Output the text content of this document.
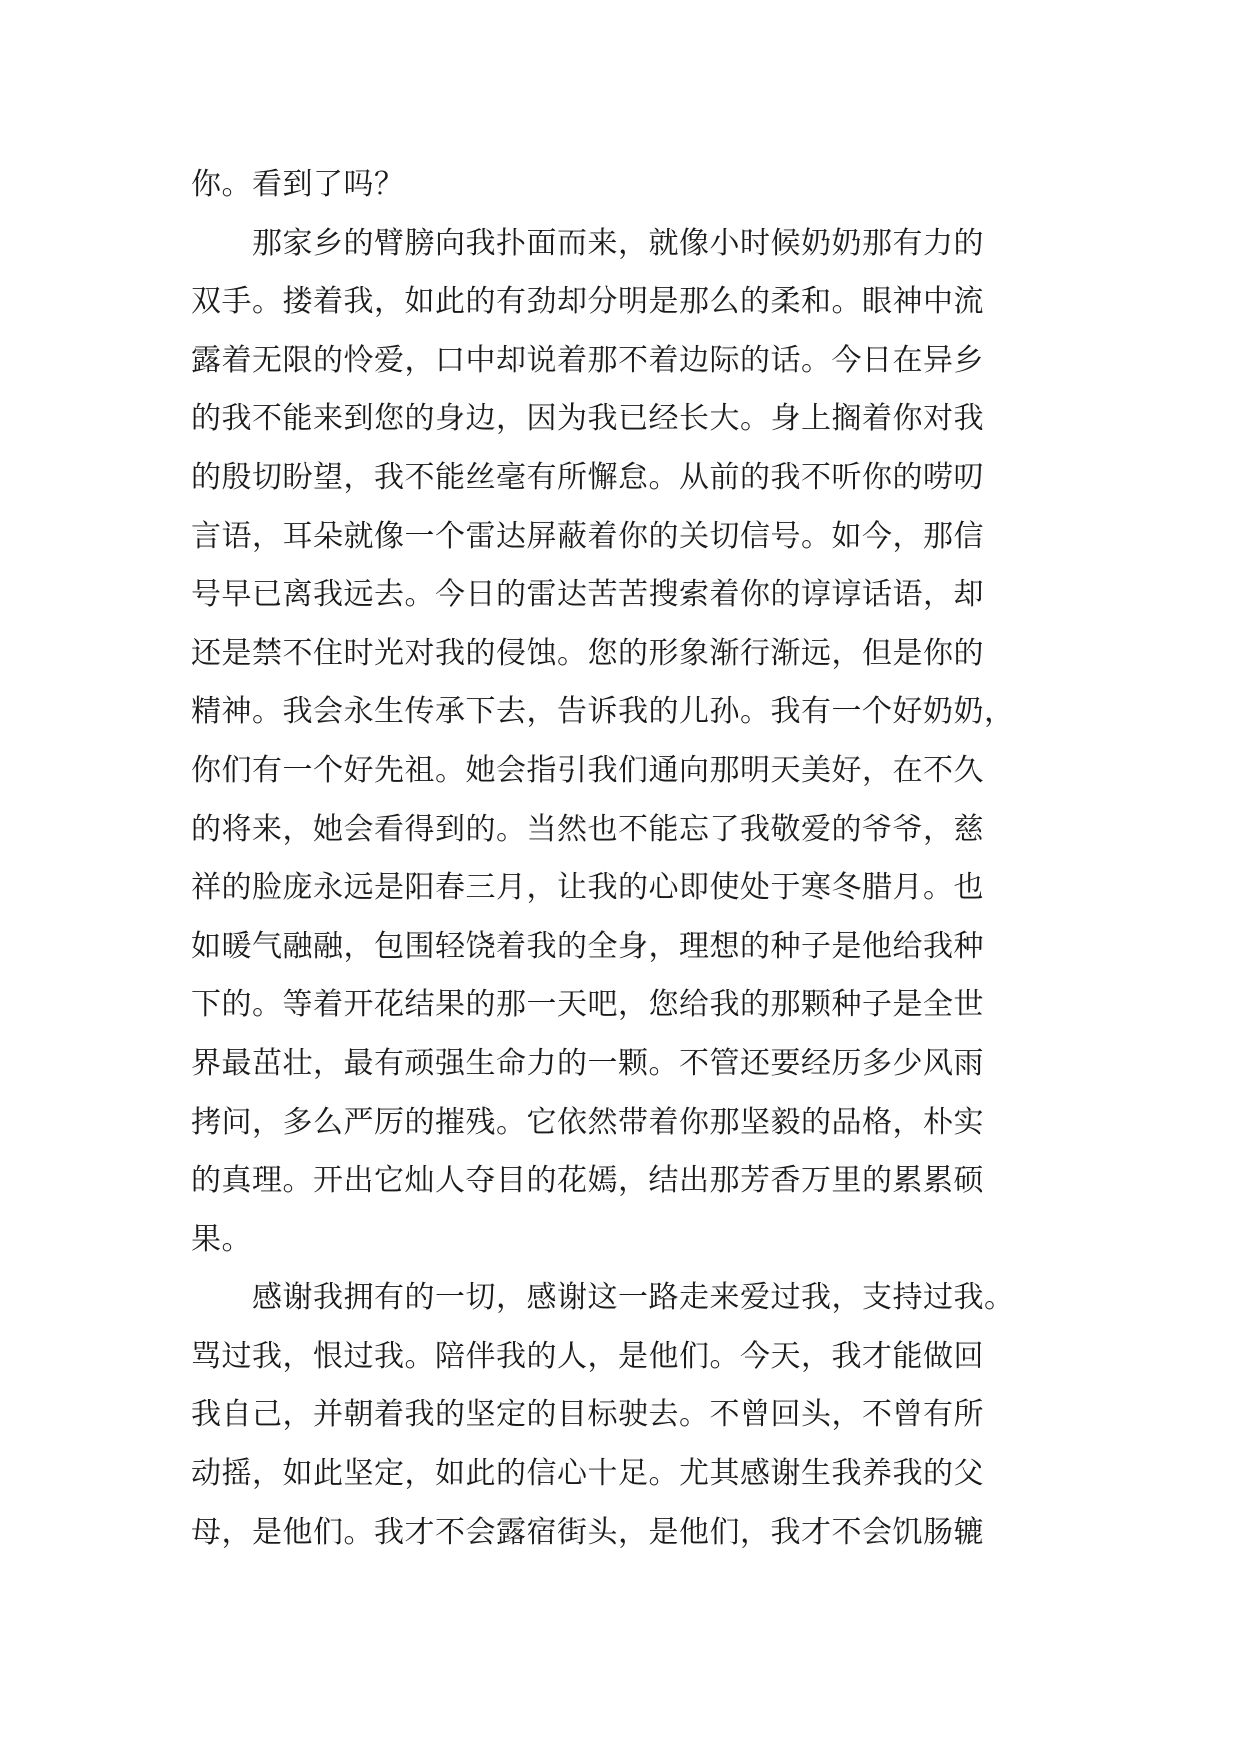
你。看到了吗？
　　那家乡的臂膀向我扑面而来，就像小时候奶奶那有力的
双手。搂着我，如此的有劲却分明是那么的柔和。眼神中流
露着无限的怜爱，口中却说着那不着边际的话。今日在异乡
的我不能来到您的身边，因为我已经长大。身上搁着你对我
的殷切盼望，我不能丝毫有所懈怠。从前的我不听你的唠叨
言语，耳朵就像一个雷达屏蔽着你的关切信号。如今，那信
号早已离我远去。今日的雷达苦苦搜索着你的谆谆话语，却
还是禁不住时光对我的侵蚀。您的形象渐行渐远，但是你的
精神。我会永生传承下去，告诉我的儿孙。我有一个好奶奶，
你们有一个好先祖。她会指引我们通向那明天美好，在不久
的将来，她会看得到的。当然也不能忘了我敬爱的爷爷，慈
祥的脸庞永远是阳春三月，让我的心即使处于寒冬腊月。也
如暖气融融，包围轻饶着我的全身，理想的种子是他给我种
下的。等着开花结果的那一天吧，您给我的那颗种子是全世
界最茁壮，最有顽强生命力的一颗。不管还要经历多少风雨
拷问，多么严厉的摧残。它依然带着你那坚毅的品格，朴实
的真理。开出它灿人夺目的花嫣，结出那芳香万里的累累硕
果。
　　感谢我拥有的一切，感谢这一路走来爱过我，支持过我。
骂过我，恨过我。陪伴我的人，是他们。今天，我才能做回
我自己，并朝着我的坚定的目标驶去。不曾回头，不曾有所
动摇，如此坚定，如此的信心十足。尤其感谢生我养我的父
母，是他们。我才不会露宿街头，是他们，我才不会饥肠辘
